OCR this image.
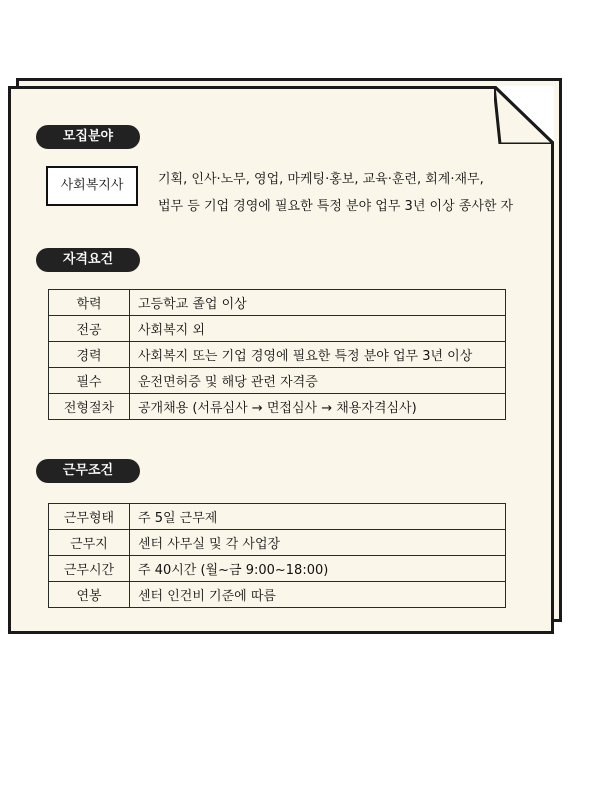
모집분야
사회복지사	기획, 인사·노무, 영업, 마케팅·홍보, 교육·훈련, 회계·재무,
법무 등 기업 경영에 필요한 특정 분야 업무 3년 이상 종사한 자
자격요건
학력	고등학교 졸업 이상
전공	사회복지 외
경력	사회복지 또는 기업 경영에 필요한 특정 분야 업무 3년 이상
필수	운전면허증 및 해당 관련 자격증
전형절차	공개채용 (서류심사 → 면접심사 → 채용자격심사)
근무조건
근무형태	주 5일 근무제
근무지	센터 사무실 및 각 사업장
근무시간	주 40시간 (월~금 9:00~18:00)
연봉	센터 인건비 기준에 따름
